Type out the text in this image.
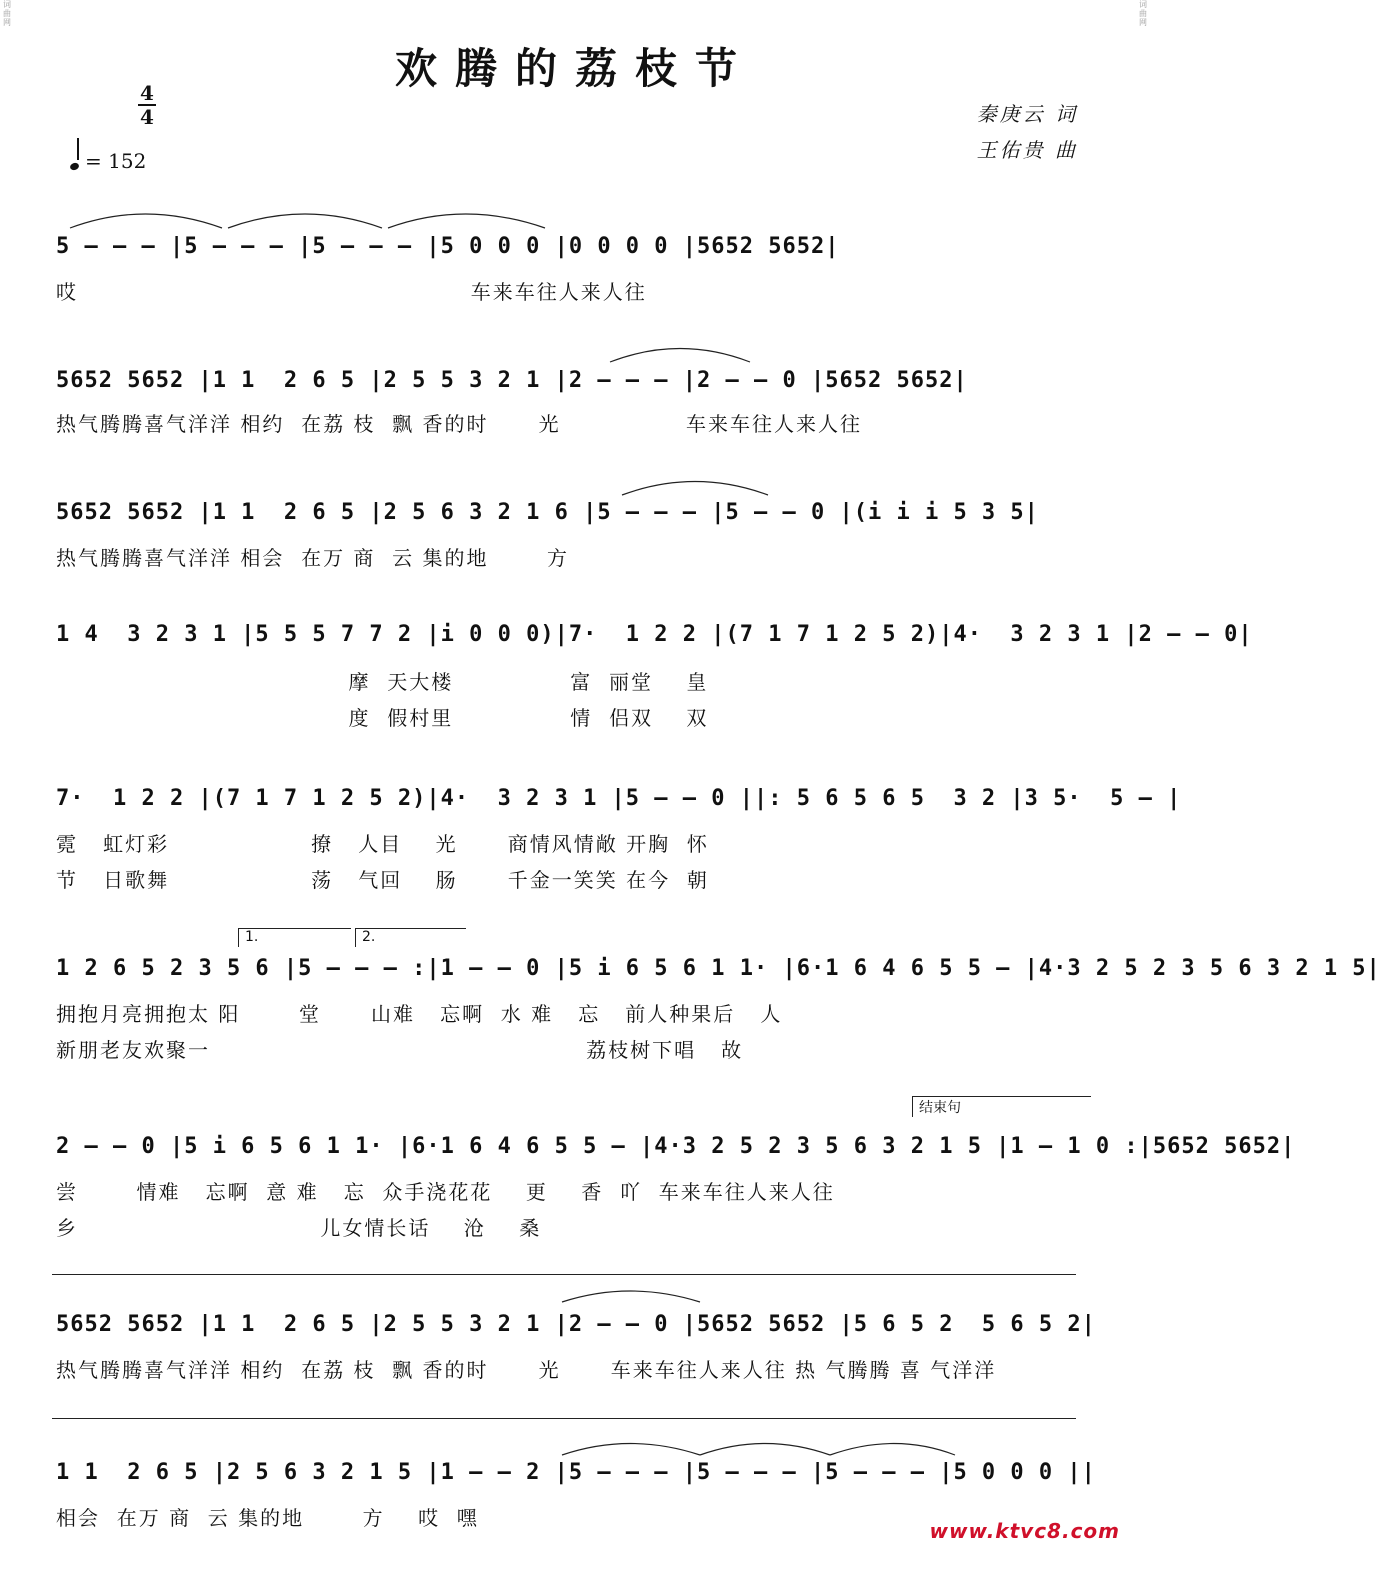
词曲网
词曲网
欢腾的荔枝节
4
4
= 152
秦庚云 词
王佑贵 曲
5 – – – |5 – – – |5 – – – |5 0 0 0 |0 0 0 0 |5652 5652|
哎                                               车来车往人来人往
5652 5652 |1 1  2 6 5 |2 5 5 3 2 1 |2 – – – |2 – – 0 |5652 5652|
热气腾腾喜气洋洋 相约  在荔 枝  飘 香的时      光               车来车往人来人往
5652 5652 |1 1  2 6 5 |2 5 6 3 2 1 6 |5 – – – |5 – – 0 |(i i i 5 3 5|
热气腾腾喜气洋洋 相会  在万 商  云 集的地       方
1 4  3 2 3 1 |5 5 5 7 7 2 |i 0 0 0)|7·  1 2 2 |(7 1 7 1 2 5 2)|4·  3 2 3 1 |2 – – 0|
摩  天大楼              富  丽堂    皇
度  假村里              情  侣双    双
7·  1 2 2 |(7 1 7 1 2 5 2)|4·  3 2 3 1 |5 – – 0 ||: 5 6 5 6 5  3 2 |3 5·  5 – |
霓   虹灯彩                 撩   人目    光      商情风情敞 开胸  怀
节   日歌舞                 荡   气回    肠      千金一笑笑 在今  朝
1.	2.
1 2 6 5 2 3 5 6 |5 – – – :|1 – – 0 |5 i 6 5 6 1 1· |6·1 6 4 6 5 5 – |4·3 2 5 2 3 5 6 3 2 1 5|
拥抱月亮拥抱太 阳       堂      山难   忘啊  水 难   忘   前人种果后   人
新朋老友欢聚一                                             荔枝树下唱   故
结束句
2 – – 0 |5 i 6 5 6 1 1· |6·1 6 4 6 5 5 – |4·3 2 5 2 3 5 6 3 2 1 5 |1 – 1 0 :|5652 5652|
尝       情难   忘啊  意 难   忘  众手浇花花    更    香  吖  车来车往人来人往
乡                             儿女情长话    沧    桑
5652 5652 |1 1  2 6 5 |2 5 5 3 2 1 |2 – – 0 |5652 5652 |5 6 5 2  5 6 5 2|
热气腾腾喜气洋洋 相约  在荔 枝  飘 香的时      光      车来车往人来人往 热 气腾腾 喜 气洋洋
1 1  2 6 5 |2 5 6 3 2 1 5 |1 – – 2 |5 – – – |5 – – – |5 – – – |5 0 0 0 ||
相会  在万 商  云 集的地       方    哎  嘿
www.ktvc8.com
